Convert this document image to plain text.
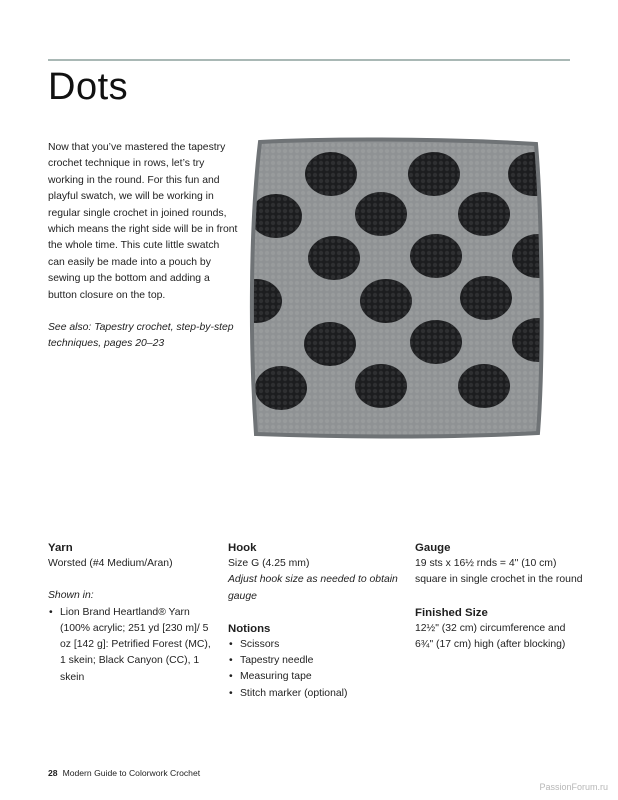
Dots

Now that you’ve mastered the tapestry crochet technique in rows, let’s try working in the round. For this fun and playful swatch, we will be working in regular single crochet in joined rounds, which means the right side will be in front the whole time. This cute little swatch can easily be made into a pouch by sewing up the bottom and adding a button closure on the top.

See also: Tapestry crochet, step-by-step techniques, pages 20–23

Yarn

Worsted (#4 Medium/Aran)

Shown in:

• Lion Brand Heartland® Yarn (100% acrylic; 251 yd [230 m]/ 5 oz [142 g]: Petrified Forest (MC), 1 skein; Black Canyon (CC), 1 skein
Hook

Size G (4.25 mm)

Adjust hook size as needed to obtain gauge

Notions
• Scissors
• Tapestry needle
• Measuring tape
• Stitch marker (optional)
Gauge

19 sts x 16½ rnds = 4" (10 cm) square in single crochet in the round

Finished Size

12½" (32 cm) circumference and 6¾" (17 cm) high (after blocking)

28 Modern Guide to Colorwork Crochet
PassionForum.ru
